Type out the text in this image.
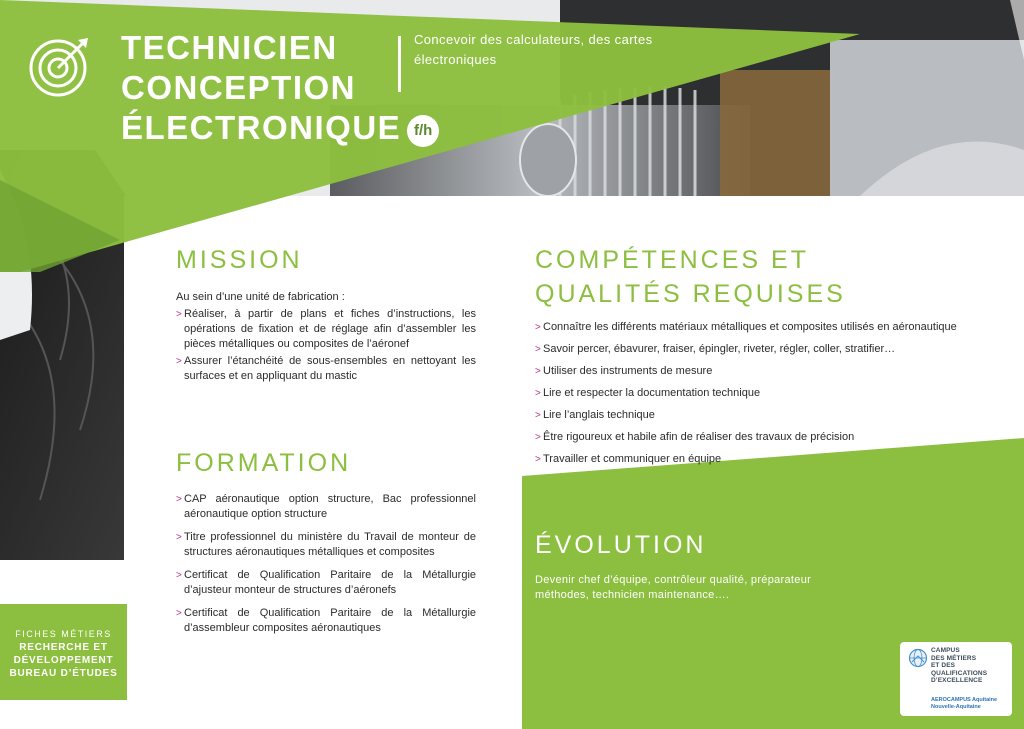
TECHNICIEN
CONCEPTION
ÉLECTRONIQUE f/h

Concevoir des calculateurs, des cartes électroniques

MISSION

Au sein d’une unité de fabrication :

> Réaliser, à partir de plans et fiches d’instructions, les opérations de fixation et de réglage afin d’assembler les pièces métalliques ou composites de l’aéronef
> Assurer l’étanchéité de sous-ensembles en nettoyant les surfaces et en appliquant du mastic
FORMATION
> CAP aéronautique option structure, Bac professionnel aéronautique option structure
> Titre professionnel du ministère du Travail de monteur de structures aéronautiques métalliques et composites
> Certificat de Qualification Paritaire de la Métallurgie d’ajusteur monteur de structures d’aéronefs
> Certificat de Qualification Paritaire de la Métallurgie d’assembleur composites aéronautiques
COMPÉTENCES ET
QUALITÉS REQUISES
> Connaître les différents matériaux métalliques et composites utilisés en aéronautique
> Savoir percer, ébavurer, fraiser, épingler, riveter, régler, coller, stratifier…
> Utiliser des instruments de mesure
> Lire et respecter la documentation technique
> Lire l’anglais technique
> Être rigoureux et habile afin de réaliser des travaux de précision
> Travailler et communiquer en équipe
ÉVOLUTION

Devenir chef d’équipe, contrôleur qualité, préparateur méthodes, technicien maintenance….

FICHES MÉTIERS
RECHERCHE ET
DÉVELOPPEMENT
BUREAU D’ÉTUDES
CAMPUS
DES MÉTIERS
ET DES
QUALIFICATIONS
D’EXCELLENCE
AEROCAMPUS Aquitaine
Nouvelle-Aquitaine
